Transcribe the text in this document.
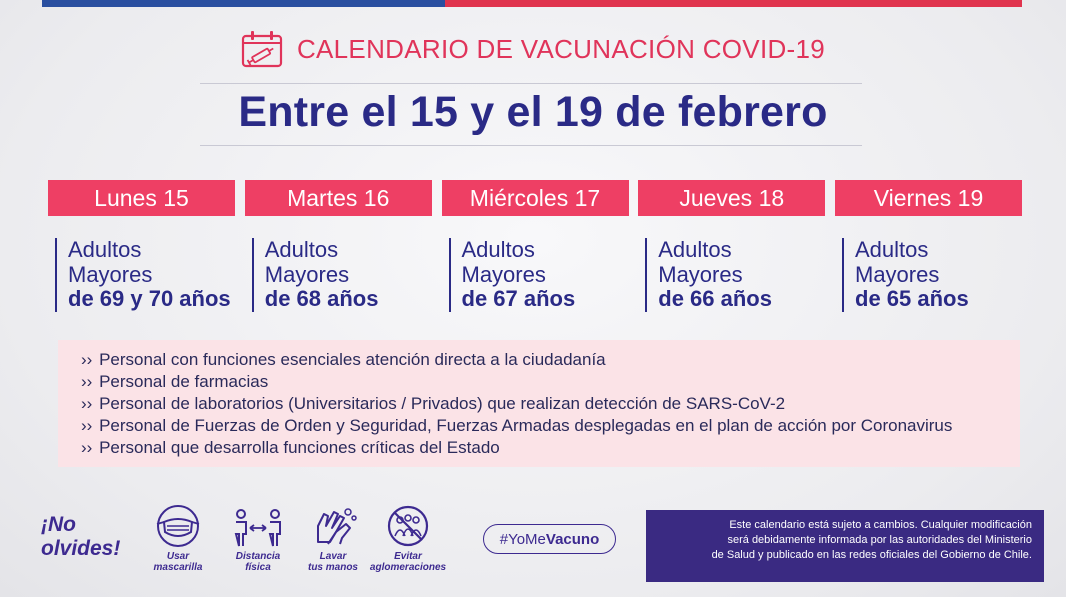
CALENDARIO DE VACUNACIÓN COVID-19
Entre el 15 y el 19 de febrero
Lunes 15
Adultos
Mayores
de 69 y 70 años
Martes 16
Adultos
Mayores
de 68 años
Miércoles 17
Adultos
Mayores
de 67 años
Jueves 18
Adultos
Mayores
de 66 años
Viernes 19
Adultos
Mayores
de 65 años
›› Personal con funciones esenciales atención directa a la ciudadanía
›› Personal de farmacias
›› Personal de laboratorios (Universitarios / Privados) que realizan detección de SARS-CoV-2
›› Personal de Fuerzas de Orden y Seguridad, Fuerzas Armadas desplegadas en el plan de acción por Coronavirus
›› Personal que desarrolla funciones críticas del Estado
¡No
olvides!	Usar
mascarilla
Distancia
física
Lavar
tus manos
Evitar
aglomeraciones
#YoMe Vacuno
Este calendario está sujeto a cambios. Cualquier modificación
será debidamente informada por las autoridades del Ministerio
de Salud y publicado en las redes oficiales del Gobierno de Chile.
